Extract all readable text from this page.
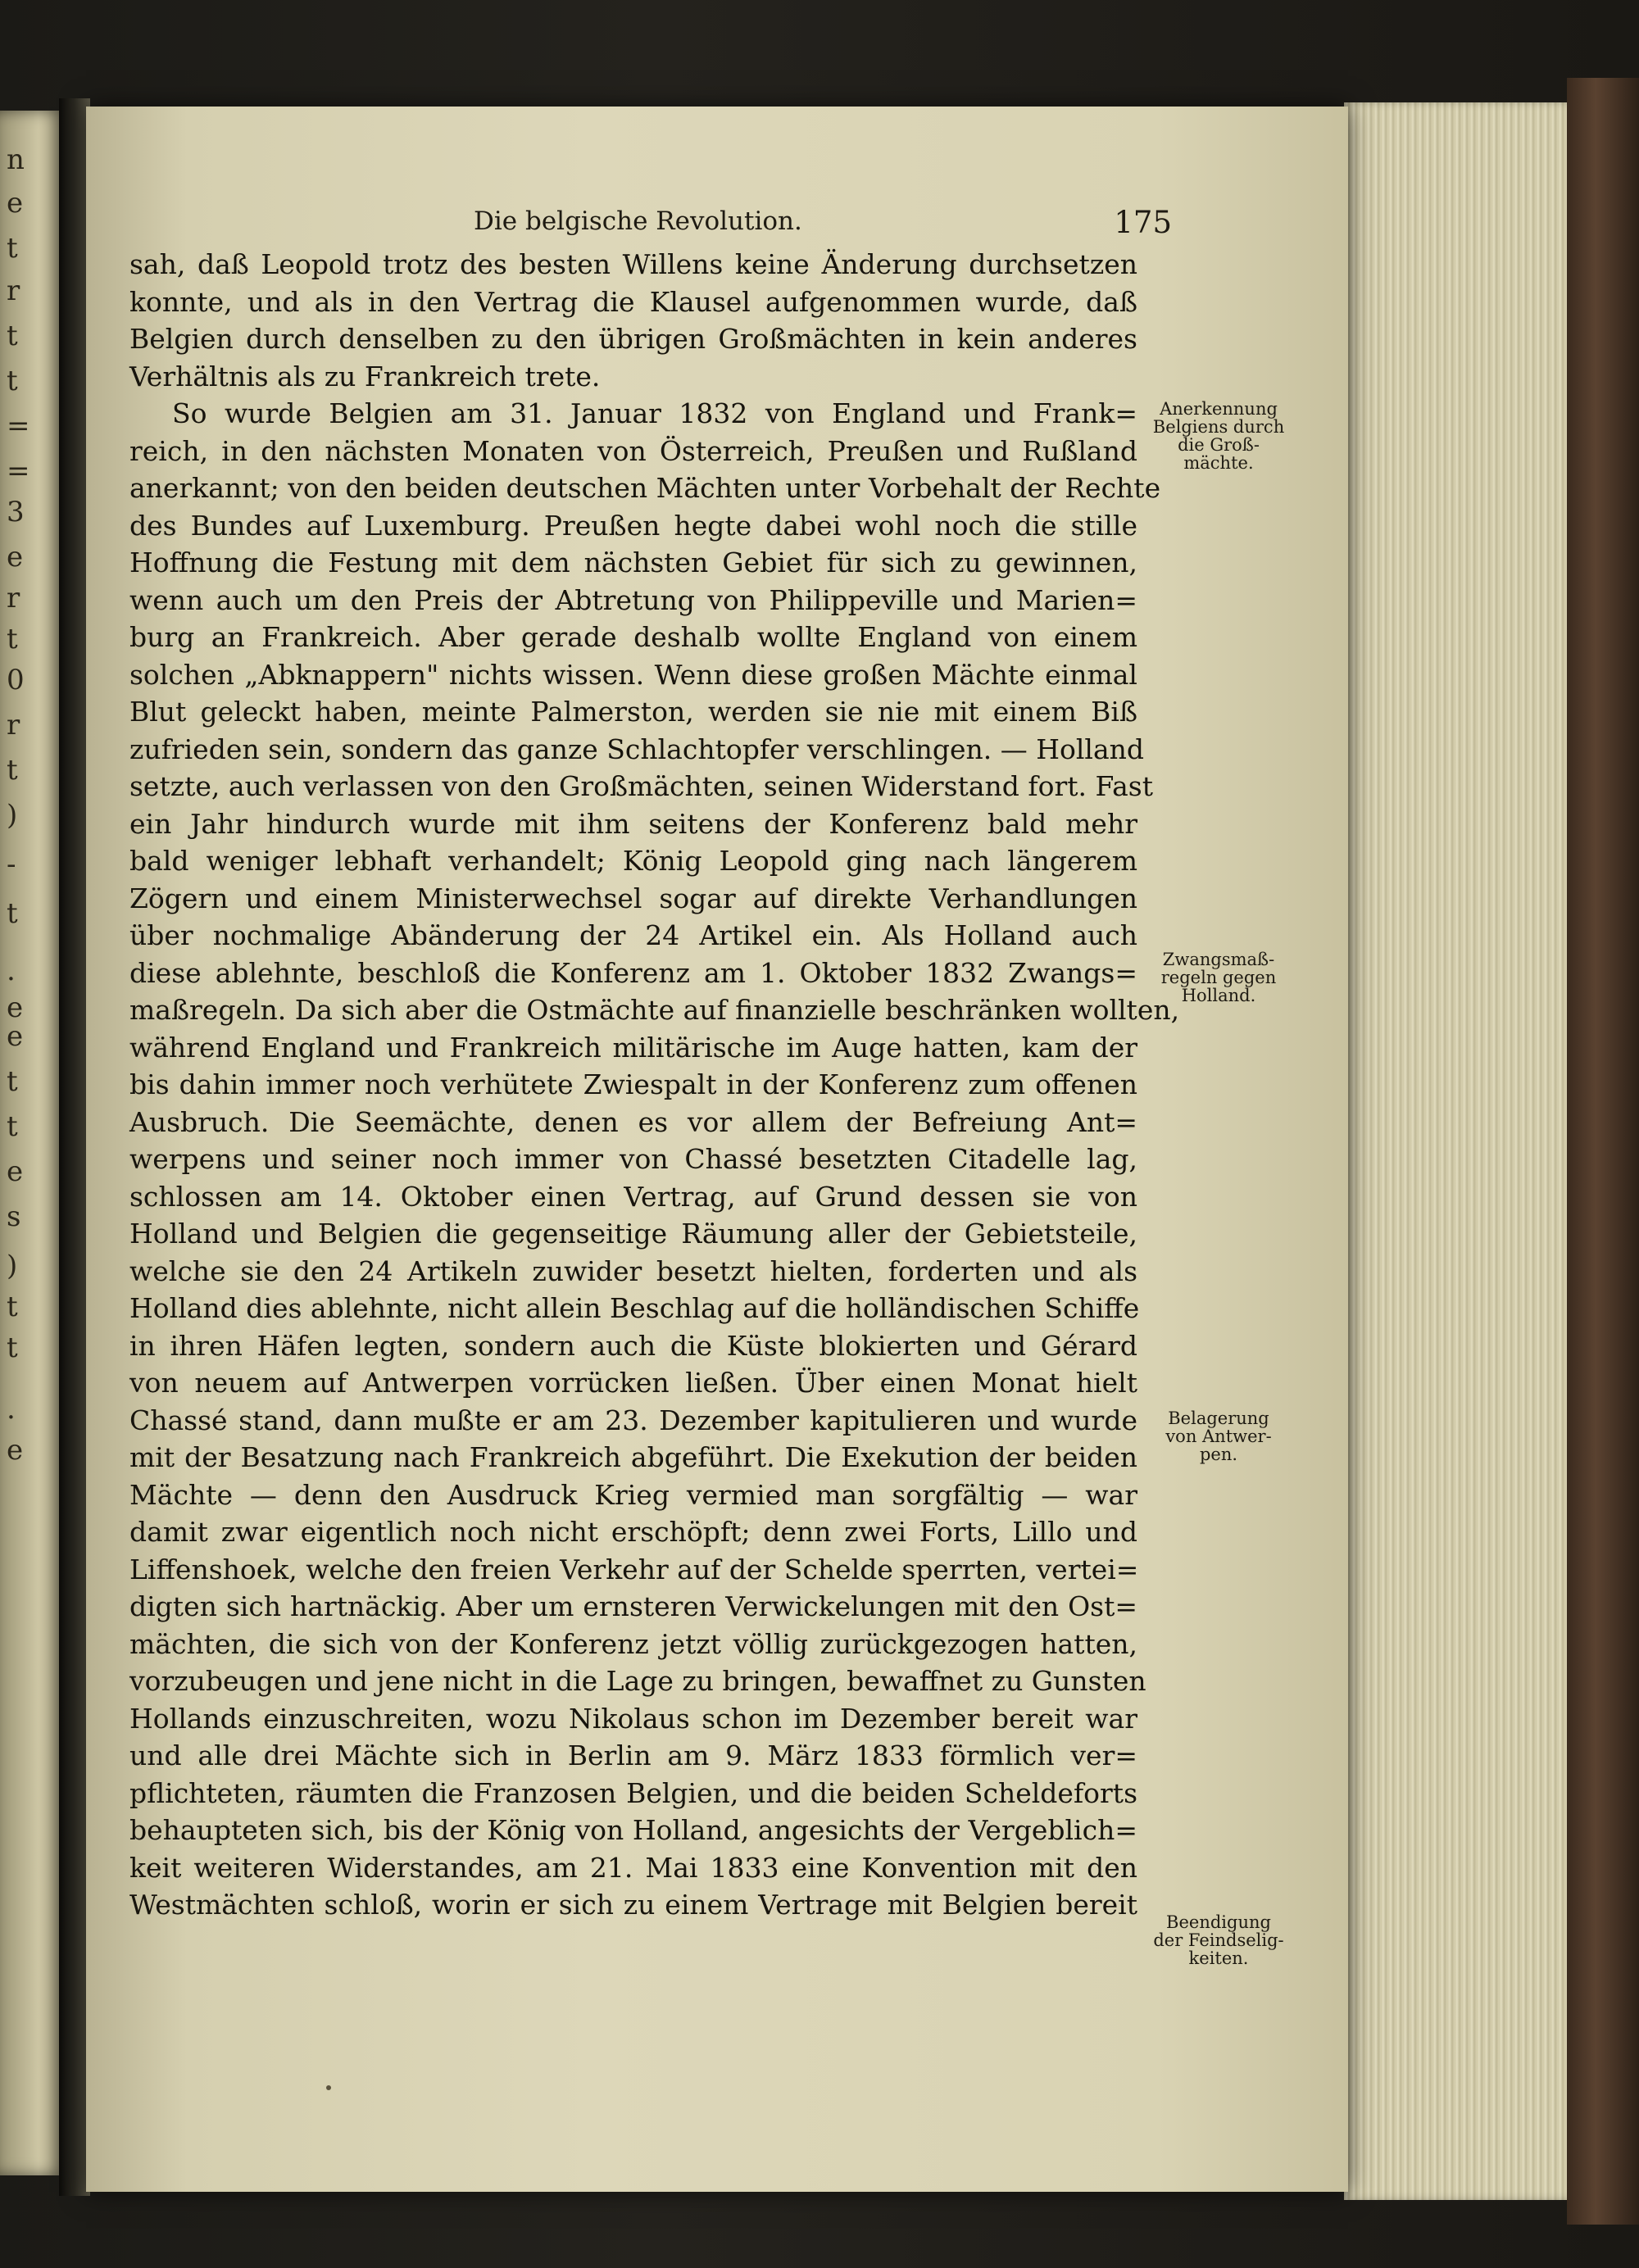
n
e
t
r
t
t
=
=
3
e
r
t
0
r
t
)
-
t
.
e
e
t
t
e
s
)
t
t
.
e
Die belgische Revolution.	175
sah, daß Leopold trotz des besten Willens keine Änderung durchsetzen
konnte, und als in den Vertrag die Klausel aufgenommen wurde, daß
Belgien durch denselben zu den übrigen Großmächten in kein anderes
Verhältnis als zu Frankreich trete.
So wurde Belgien am 31. Januar 1832 von England und Frank=
reich, in den nächsten Monaten von Österreich, Preußen und Rußland
anerkannt; von den beiden deutschen Mächten unter Vorbehalt der Rechte
des Bundes auf Luxemburg. Preußen hegte dabei wohl noch die stille
Hoffnung die Festung mit dem nächsten Gebiet für sich zu gewinnen,
wenn auch um den Preis der Abtretung von Philippeville und Marien=
burg an Frankreich. Aber gerade deshalb wollte England von einem
solchen „Abknappern" nichts wissen. Wenn diese großen Mächte einmal
Blut geleckt haben, meinte Palmerston, werden sie nie mit einem Biß
zufrieden sein, sondern das ganze Schlachtopfer verschlingen. — Holland
setzte, auch verlassen von den Großmächten, seinen Widerstand fort. Fast
ein Jahr hindurch wurde mit ihm seitens der Konferenz bald mehr
bald weniger lebhaft verhandelt; König Leopold ging nach längerem
Zögern und einem Ministerwechsel sogar auf direkte Verhandlungen
über nochmalige Abänderung der 24 Artikel ein. Als Holland auch
diese ablehnte, beschloß die Konferenz am 1. Oktober 1832 Zwangs=
maßregeln. Da sich aber die Ostmächte auf finanzielle beschränken wollten,
während England und Frankreich militärische im Auge hatten, kam der
bis dahin immer noch verhütete Zwiespalt in der Konferenz zum offenen
Ausbruch. Die Seemächte, denen es vor allem der Befreiung Ant=
werpens und seiner noch immer von Chassé besetzten Citadelle lag,
schlossen am 14. Oktober einen Vertrag, auf Grund dessen sie von
Holland und Belgien die gegenseitige Räumung aller der Gebietsteile,
welche sie den 24 Artikeln zuwider besetzt hielten, forderten und als
Holland dies ablehnte, nicht allein Beschlag auf die holländischen Schiffe
in ihren Häfen legten, sondern auch die Küste blokierten und Gérard
von neuem auf Antwerpen vorrücken ließen. Über einen Monat hielt
Chassé stand, dann mußte er am 23. Dezember kapitulieren und wurde
mit der Besatzung nach Frankreich abgeführt. Die Exekution der beiden
Mächte — denn den Ausdruck Krieg vermied man sorgfältig — war
damit zwar eigentlich noch nicht erschöpft; denn zwei Forts, Lillo und
Liffenshoek, welche den freien Verkehr auf der Schelde sperrten, vertei=
digten sich hartnäckig. Aber um ernsteren Verwickelungen mit den Ost=
mächten, die sich von der Konferenz jetzt völlig zurückgezogen hatten,
vorzubeugen und jene nicht in die Lage zu bringen, bewaffnet zu Gunsten
Hollands einzuschreiten, wozu Nikolaus schon im Dezember bereit war
und alle drei Mächte sich in Berlin am 9. März 1833 förmlich ver=
pflichteten, räumten die Franzosen Belgien, und die beiden Scheldeforts
behaupteten sich, bis der König von Holland, angesichts der Vergeblich=
keit weiteren Widerstandes, am 21. Mai 1833 eine Konvention mit den
Westmächten schloß, worin er sich zu einem Vertrage mit Belgien bereit
Anerkennung
Belgiens durch
die Groß-
mächte.
Zwangsmaß-
regeln gegen
Holland.
Belagerung
von Antwer-
pen.
Beendigung
der Feindselig-
keiten.
